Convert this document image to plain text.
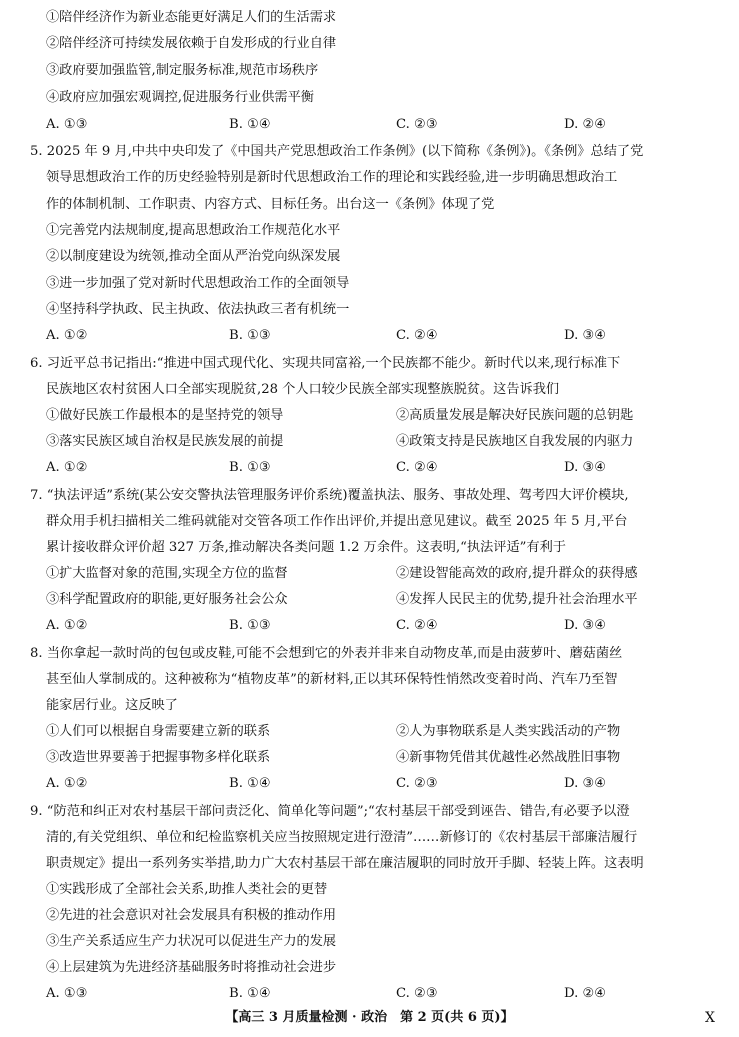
①陪伴经济作为新业态能更好满足人们的生活需求
②陪伴经济可持续发展依赖于自发形成的行业自律
③政府要加强监管,制定服务标准,规范市场秩序
④政府应加强宏观调控,促进服务行业供需平衡
A. ①③	B. ①④	C. ②③	D. ②④
5. 2025 年 9 月,中共中央印发了《中国共产党思想政治工作条例》(以下简称《条例》)。《条例》总结了党
领导思想政治工作的历史经验特别是新时代思想政治工作的理论和实践经验,进一步明确思想政治工
作的体制机制、工作职责、内容方式、目标任务。出台这一《条例》体现了党
①完善党内法规制度,提高思想政治工作规范化水平
②以制度建设为统领,推动全面从严治党向纵深发展
③进一步加强了党对新时代思想政治工作的全面领导
④坚持科学执政、民主执政、依法执政三者有机统一
A. ①②	B. ①③	C. ②④	D. ③④
6. 习近平总书记指出:“推进中国式现代化、实现共同富裕,一个民族都不能少。新时代以来,现行标准下
民族地区农村贫困人口全部实现脱贫,28 个人口较少民族全部实现整族脱贫。这告诉我们
①做好民族工作最根本的是坚持党的领导	②高质量发展是解决好民族问题的总钥匙
③落实民族区域自治权是民族发展的前提	④政策支持是民族地区自我发展的内驱力
A. ①②	B. ①③	C. ②④	D. ③④
7. “执法评适”系统(某公安交警执法管理服务评价系统)覆盖执法、服务、事故处理、驾考四大评价模块,
群众用手机扫描相关二维码就能对交管各项工作作出评价,并提出意见建议。截至 2025 年 5 月,平台
累计接收群众评价超 327 万条,推动解决各类问题 1.2 万余件。这表明,“执法评适”有利于
①扩大监督对象的范围,实现全方位的监督	②建设智能高效的政府,提升群众的获得感
③科学配置政府的职能,更好服务社会公众	④发挥人民民主的优势,提升社会治理水平
A. ①②	B. ①③	C. ②④	D. ③④
8. 当你拿起一款时尚的包包或皮鞋,可能不会想到它的外表并非来自动物皮革,而是由菠萝叶、蘑菇菌丝
甚至仙人掌制成的。这种被称为“植物皮革”的新材料,正以其环保特性悄然改变着时尚、汽车乃至智
能家居行业。这反映了
①人们可以根据自身需要建立新的联系	②人为事物联系是人类实践活动的产物
③改造世界要善于把握事物多样化联系	④新事物凭借其优越性必然战胜旧事物
A. ①②	B. ①④	C. ②③	D. ③④
9. “防范和纠正对农村基层干部问责泛化、简单化等问题”;“农村基层干部受到诬告、错告,有必要予以澄
清的,有关党组织、单位和纪检监察机关应当按照规定进行澄清”……新修订的《农村基层干部廉洁履行
职责规定》提出一系列务实举措,助力广大农村基层干部在廉洁履职的同时放开手脚、轻装上阵。这表明
①实践形成了全部社会关系,助推人类社会的更替
②先进的社会意识对社会发展具有积极的推动作用
③生产关系适应生产力状况可以促进生产力的发展
④上层建筑为先进经济基础服务时将推动社会进步
A. ①③	B. ①④	C. ②③	D. ②④
【高三 3 月质量检测 · 政治　第 2 页(共 6 页)】	X
